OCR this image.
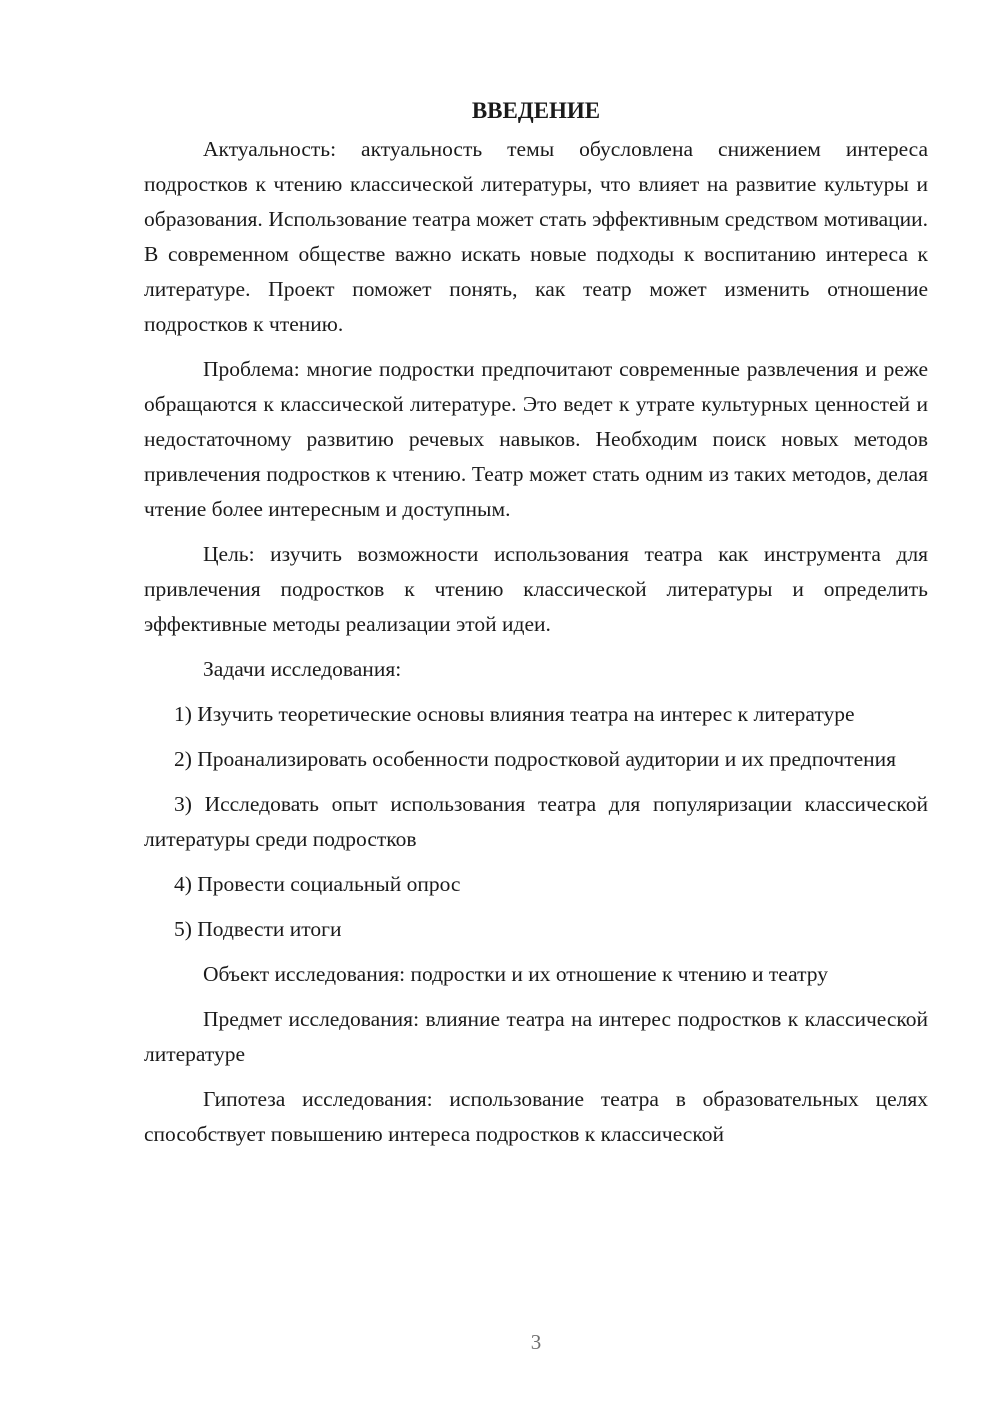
ВВЕДЕНИЕ

Актуальность: актуальность темы обусловлена снижением интереса подростков к чтению классической литературы, что влияет на развитие культуры и образования. Использование театра может стать эффективным средством мотивации. В современном обществе важно искать новые подходы к воспитанию интереса к литературе. Проект поможет понять, как театр может изменить отношение подростков к чтению.

Проблема: многие подростки предпочитают современные развлечения и реже обращаются к классической литературе. Это ведет к утрате культурных ценностей и недостаточному развитию речевых навыков. Необходим поиск новых методов привлечения подростков к чтению. Театр может стать одним из таких методов, делая чтение более интересным и доступным.

Цель: изучить возможности использования театра как инструмента для привлечения подростков к чтению классической литературы и определить эффективные методы реализации этой идеи.

Задачи исследования:

1) Изучить теоретические основы влияния театра на интерес к литературе

2) Проанализировать особенности подростковой аудитории и их предпочтения

3) Исследовать опыт использования театра для популяризации классической литературы среди подростков

4) Провести социальный опрос

5) Подвести итоги

Объект исследования: подростки и их отношение к чтению и театру

Предмет исследования: влияние театра на интерес подростков к классической литературе

Гипотеза исследования: использование театра в образовательных целях способствует повышению интереса подростков к классической

3
